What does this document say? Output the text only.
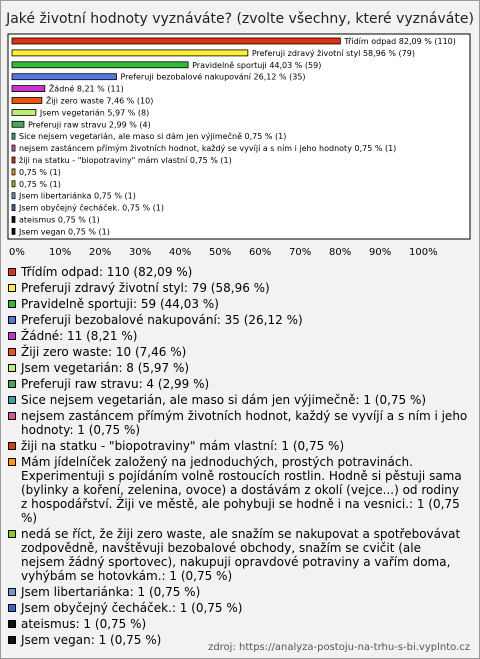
Jaké životní hodnoty vyznáváte? (zvolte všechny, které vyznáváte)
Třídím odpad 82,09 % (110)
Preferuji zdravý životní styl 58,96 % (79)
Pravidelně sportuji 44,03 % (59)
Preferuji bezobalové nakupování 26,12 % (35)
Žádné 8,21 % (11)
Žiji zero waste 7,46 % (10)
Jsem vegetarián 5,97 % (8)
Preferuji raw stravu 2,99 % (4)
Sice nejsem vegetarián, ale maso si dám jen výjimečně 0,75 % (1)
nejsem zastáncem přímým životních hodnot, každý se vyvíjí a s ním i jeho hodnoty 0,75 % (1)
žiji na statku - "biopotraviny" mám vlastní 0,75 % (1)
0,75 % (1)
0,75 % (1)
Jsem libertariánka 0,75 % (1)
Jsem obyčejný čecháček. 0,75 % (1)
ateismus 0,75 % (1)
Jsem vegan 0,75 % (1)
0% 10% 20% 30% 40% 50% 60% 70% 80% 90% 100%
Třídím odpad: 110 (82,09 %)
Preferuji zdravý životní styl: 79 (58,96 %)
Pravidelně sportuji: 59 (44,03 %)
Preferuji bezobalové nakupování: 35 (26,12 %)
Žádné: 11 (8,21 %)
Žiji zero waste: 10 (7,46 %)
Jsem vegetarián: 8 (5,97 %)
Preferuji raw stravu: 4 (2,99 %)
Sice nejsem vegetarián, ale maso si dám jen výjimečně: 1 (0,75 %)
nejsem zastáncem přímým životních hodnot, každý se vyvíjí a s ním i jeho hodnoty: 1 (0,75 %)
žiji na statku - "biopotraviny" mám vlastní: 1 (0,75 %)
Mám jídelníček založený na jednoduchých, prostých potravinách. Experimentuji s pojídáním volně rostoucích rostlin. Hodně si pěstuji sama (bylinky a koření, zelenina, ovoce) a dostávám z okolí (vejce...) od rodiny z hospodářství. Žiji ve městě, ale pohybuji se hodně i na vesnici.: 1 (0,75 %)
nedá se říct, že žiji zero waste, ale snažím se nakupovat a spotřebovávat zodpovědně, navštěvuji bezobalové obchody, snažím se cvičit (ale nejsem žádný sportovec), nakupuji opravdové potraviny a vařím doma, vyhýbám se hotovkám.: 1 (0,75 %)
Jsem libertariánka: 1 (0,75 %)
Jsem obyčejný čecháček.: 1 (0,75 %)
ateismus: 1 (0,75 %)
Jsem vegan: 1 (0,75 %)
zdroj: https://analyza-postoju-na-trhu-s-bi.vyplnto.cz
